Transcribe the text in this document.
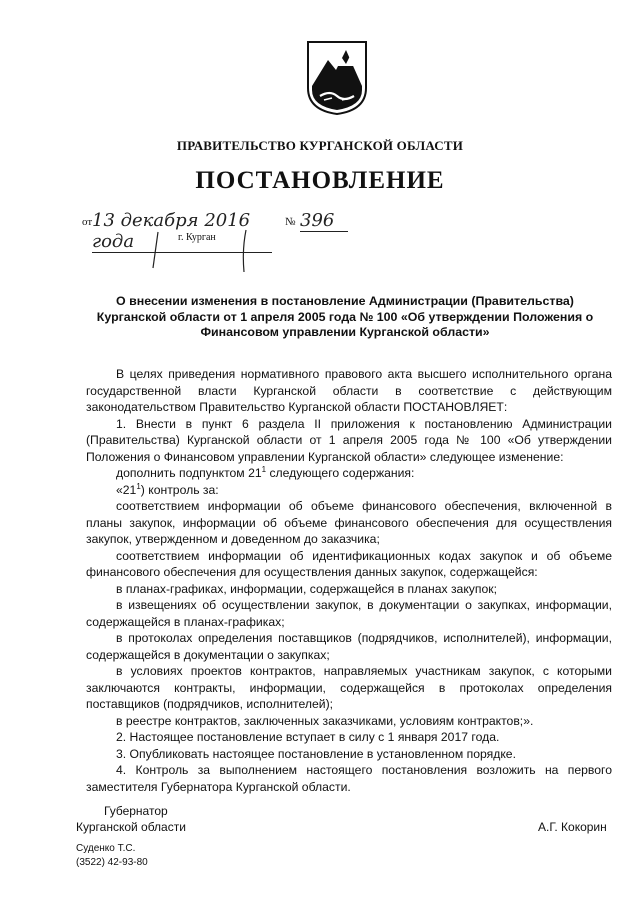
ПРАВИТЕЛЬСТВО КУРГАНСКОЙ ОБЛАСТИ
ПОСТАНОВЛЕНИЕ
от 13 декабря 2016 года
№ 396
г. Курган
О внесении изменения в постановление Администрации (Правительства)
Курганской области от 1 апреля 2005 года № 100 «Об утверждении Положения о
Финансовом управлении Курганской области»

В целях приведения нормативного правового акта высшего исполнительного органа государственной власти Курганской области в соответствие с действующим законодательством Правительство Курганской области ПОСТАНОВЛЯЕТ:

1. Внести в пункт 6 раздела II приложения к постановлению Администрации (Правительства) Курганской области от 1 апреля 2005 года № 100 «Об утверждении Положения о Финансовом управлении Курганской области» следующее изменение:

дополнить подпунктом $21^1$ следующего содержания:

«$21^1$) контроль за:

соответствием информации об объеме финансового обеспечения, включенной в планы закупок, информации об объеме финансового обеспечения для осуществления закупок, утвержденном и доведенном до заказчика;

соответствием информации об идентификационных кодах закупок и об объеме финансового обеспечения для осуществления данных закупок, содержащейся:

в планах-графиках, информации, содержащейся в планах закупок;

в извещениях об осуществлении закупок, в документации о закупках, информации, содержащейся в планах-графиках;

в протоколах определения поставщиков (подрядчиков, исполнителей), информации, содержащейся в документации о закупках;

в условиях проектов контрактов, направляемых участникам закупок, с которыми заключаются контракты, информации, содержащейся в протоколах определения поставщиков (подрядчиков, исполнителей);

в реестре контрактов, заключенных заказчиками, условиям контрактов;».

2. Настоящее постановление вступает в силу с 1 января 2017 года.

3. Опубликовать настоящее постановление в установленном порядке.

4. Контроль за выполнением настоящего постановления возложить на первого заместителя Губернатора Курганской области.

Губернатор
Курганской области	А.Г. Кокорин
Суденко Т.С.
(3522) 42-93-80
